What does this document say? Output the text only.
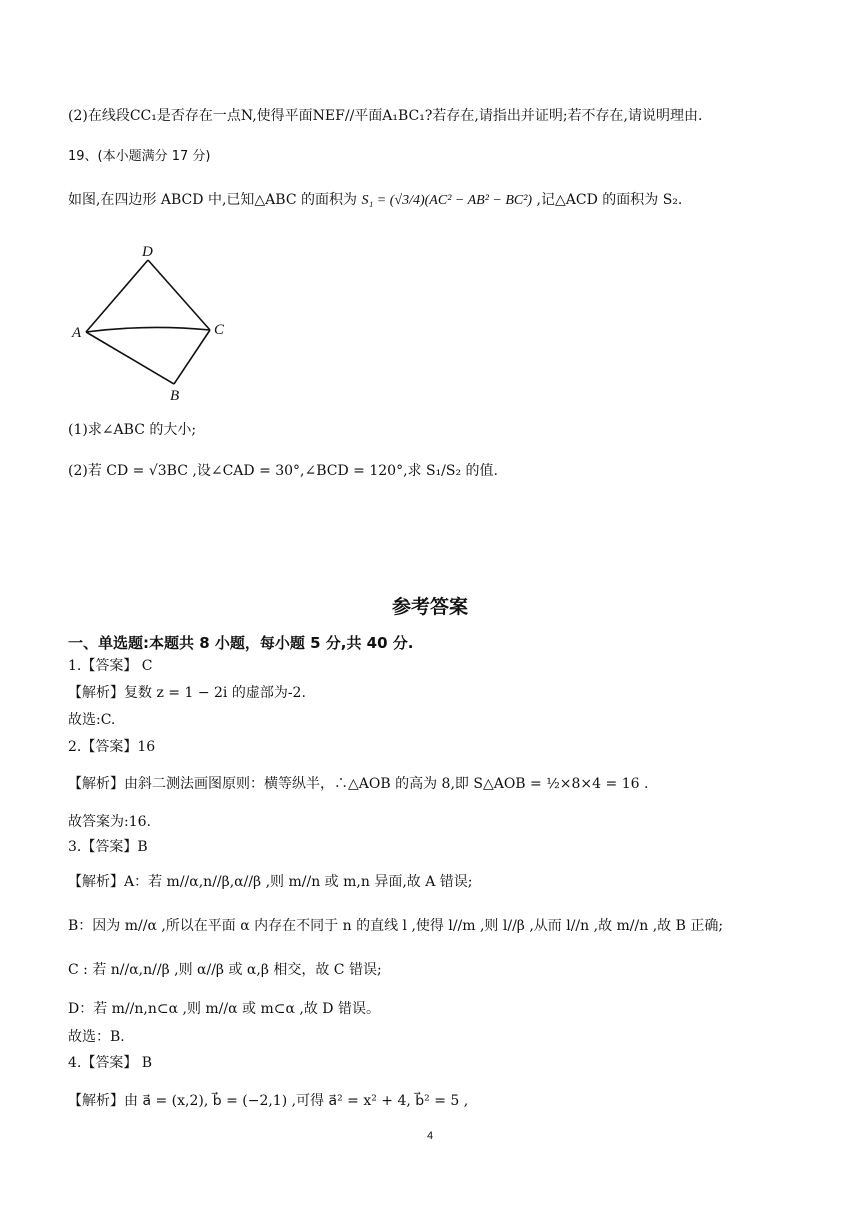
(2)在线段CC₁是否存在一点N,使得平面NEF//平面A₁BC₁?若存在,请指出并证明;若不存在,请说明理由.
19、(本小题满分 17 分)
如图,在四边形 ABCD 中,已知△ABC 的面积为 S₁ = (√3/4)(AC² − AB² − BC²) ,记△ACD 的面积为 S₂.
D
A	C
B
(1)求∠ABC 的大小;
(2)若 CD = √3BC ,设∠CAD = 30°,∠BCD = 120°,求 S₁/S₂ 的值.
参考答案
一、单选题:本题共 8 小题，每小题 5 分,共 40 分.
1.【答案】 C
【解析】复数 z = 1 − 2i 的虚部为-2.
故选:C.
2.【答案】16
【解析】由斜二测法画图原则：横等纵半，∴△AOB 的高为 8,即 S△AOB = ½×8×4 = 16 .
故答案为:16.
3.【答案】B
【解析】A：若 m//α,n//β,α//β ,则 m//n 或 m,n 异面,故 A 错误;
B：因为 m//α ,所以在平面 α 内存在不同于 n 的直线 l ,使得 l//m ,则 l//β ,从而 l//n ,故 m//n ,故 B 正确;
C : 若 n//α,n//β ,则 α//β 或 α,β 相交，故 C 错误;
D：若 m//n,n⊂α ,则 m//α 或 m⊂α ,故 D 错误。
故选：B.
4.【答案】 B
【解析】由 a⃗ = (x,2), b⃗ = (−2,1) ,可得 a⃗² = x² + 4, b⃗² = 5 ,
4
